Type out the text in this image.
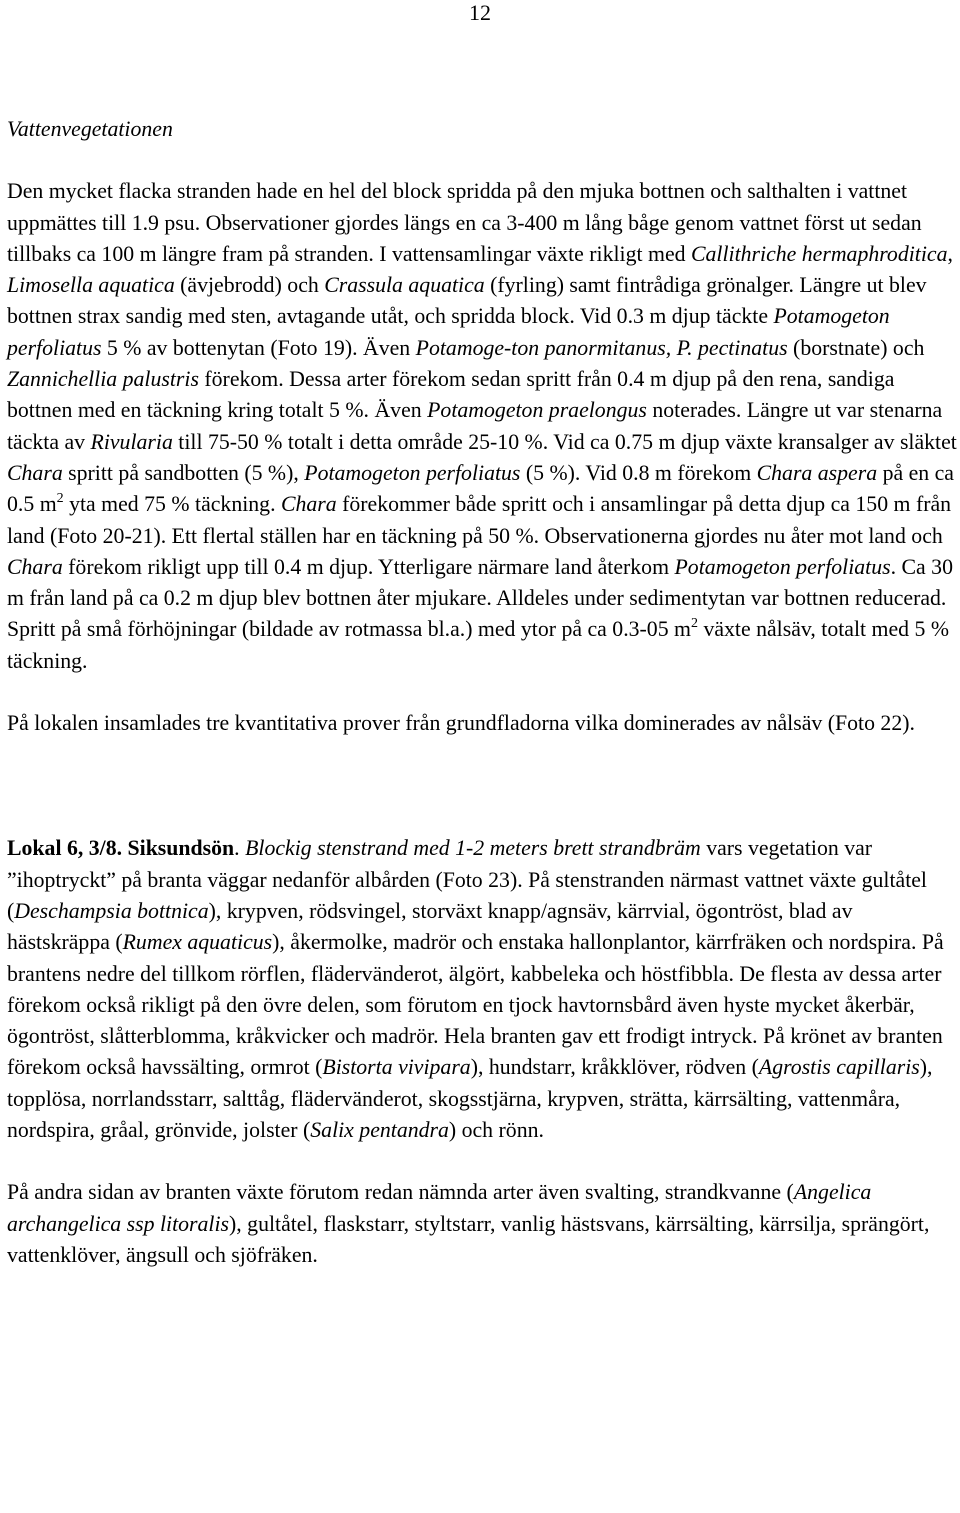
12

Vattenvegetationen

Den mycket flacka stranden hade en hel del block spridda på den mjuka bottnen och salthalten i vattnet uppmättes till 1.9 psu. Observationer gjordes längs en ca 3-400 m lång båge genom vattnet först ut sedan tillbaks ca 100 m längre fram på stranden. I vattensamlingar växte rikligt med Callithriche hermaphroditica, Limosella aquatica (ävjebrodd) och Crassula aquatica (fyrling) samt fintrådiga grönalger. Längre ut blev bottnen strax sandig med sten, avtagande utåt, och spridda block. Vid 0.3 m djup täckte Potamogeton perfoliatus 5 % av bottenytan (Foto 19). Även Potamoge-ton panormitanus, P. pectinatus (borstnate) och Zannichellia palustris förekom. Dessa arter förekom sedan spritt från 0.4 m djup på den rena, sandiga bottnen med en täckning kring totalt 5 %. Även Potamogeton praelongus noterades. Längre ut var stenarna täckta av Rivularia till 75-50 % totalt i detta område 25-10 %. Vid ca 0.75 m djup växte kransalger av släktet Chara spritt på sandbotten (5 %), Potamogeton perfoliatus (5 %). Vid 0.8 m förekom Chara aspera på en ca 0.5 $m^2$ yta med 75 % täckning. Chara förekommer både spritt och i ansamlingar på detta djup ca 150 m från land (Foto 20-21). Ett flertal ställen har en täckning på 50 %. Observationerna gjordes nu åter mot land och Chara förekom rikligt upp till 0.4 m djup. Ytterligare närmare land återkom Potamogeton perfoliatus. Ca 30 m från land på ca 0.2 m djup blev bottnen åter mjukare. Alldeles under sedimentytan var bottnen reducerad. Spritt på små förhöjningar (bildade av rotmassa bl.a.) med ytor på ca 0.3-05 $m^2$ växte nålsäv, totalt med 5 % täckning.

På lokalen insamlades tre kvantitativa prover från grundfladorna vilka dominerades av nålsäv (Foto 22).

Lokal 6, 3/8. Siksundsön. Blockig stenstrand med 1-2 meters brett strandbräm vars vegetation var ”ihoptryckt” på branta väggar nedanför albården (Foto 23). På stenstranden närmast vattnet växte gultåtel (Deschampsia bottnica), krypven, rödsvingel, storväxt knapp/agnsäv, kärrvial, ögontröst, blad av hästskräppa (Rumex aquaticus), åkermolke, madrör och enstaka hallonplantor, kärrfräken och nordspira. På brantens nedre del tillkom rörflen, flädervänderot, älgört, kabbeleka och höstfibbla. De flesta av dessa arter förekom också rikligt på den övre delen, som förutom en tjock havtornsbård även hyste mycket åkerbär, ögontröst, slåtterblomma, kråkvicker och madrör. Hela branten gav ett frodigt intryck. På krönet av branten förekom också havssälting, ormrot (Bistorta vivipara), hundstarr, kråkklöver, rödven (Agrostis capillaris), topplösa, norrlandsstarr, salttåg, flädervänderot, skogsstjärna, krypven, strätta, kärrsälting, vattenmåra, nordspira, gråal, grönvide, jolster (Salix pentandra) och rönn.

På andra sidan av branten växte förutom redan nämnda arter även svalting, strandkvanne (Angelica archangelica ssp litoralis), gultåtel, flaskstarr, styltstarr, vanlig hästsvans, kärrsälting, kärrsilja, sprängört, vattenklöver, ängsull och sjöfräken.
